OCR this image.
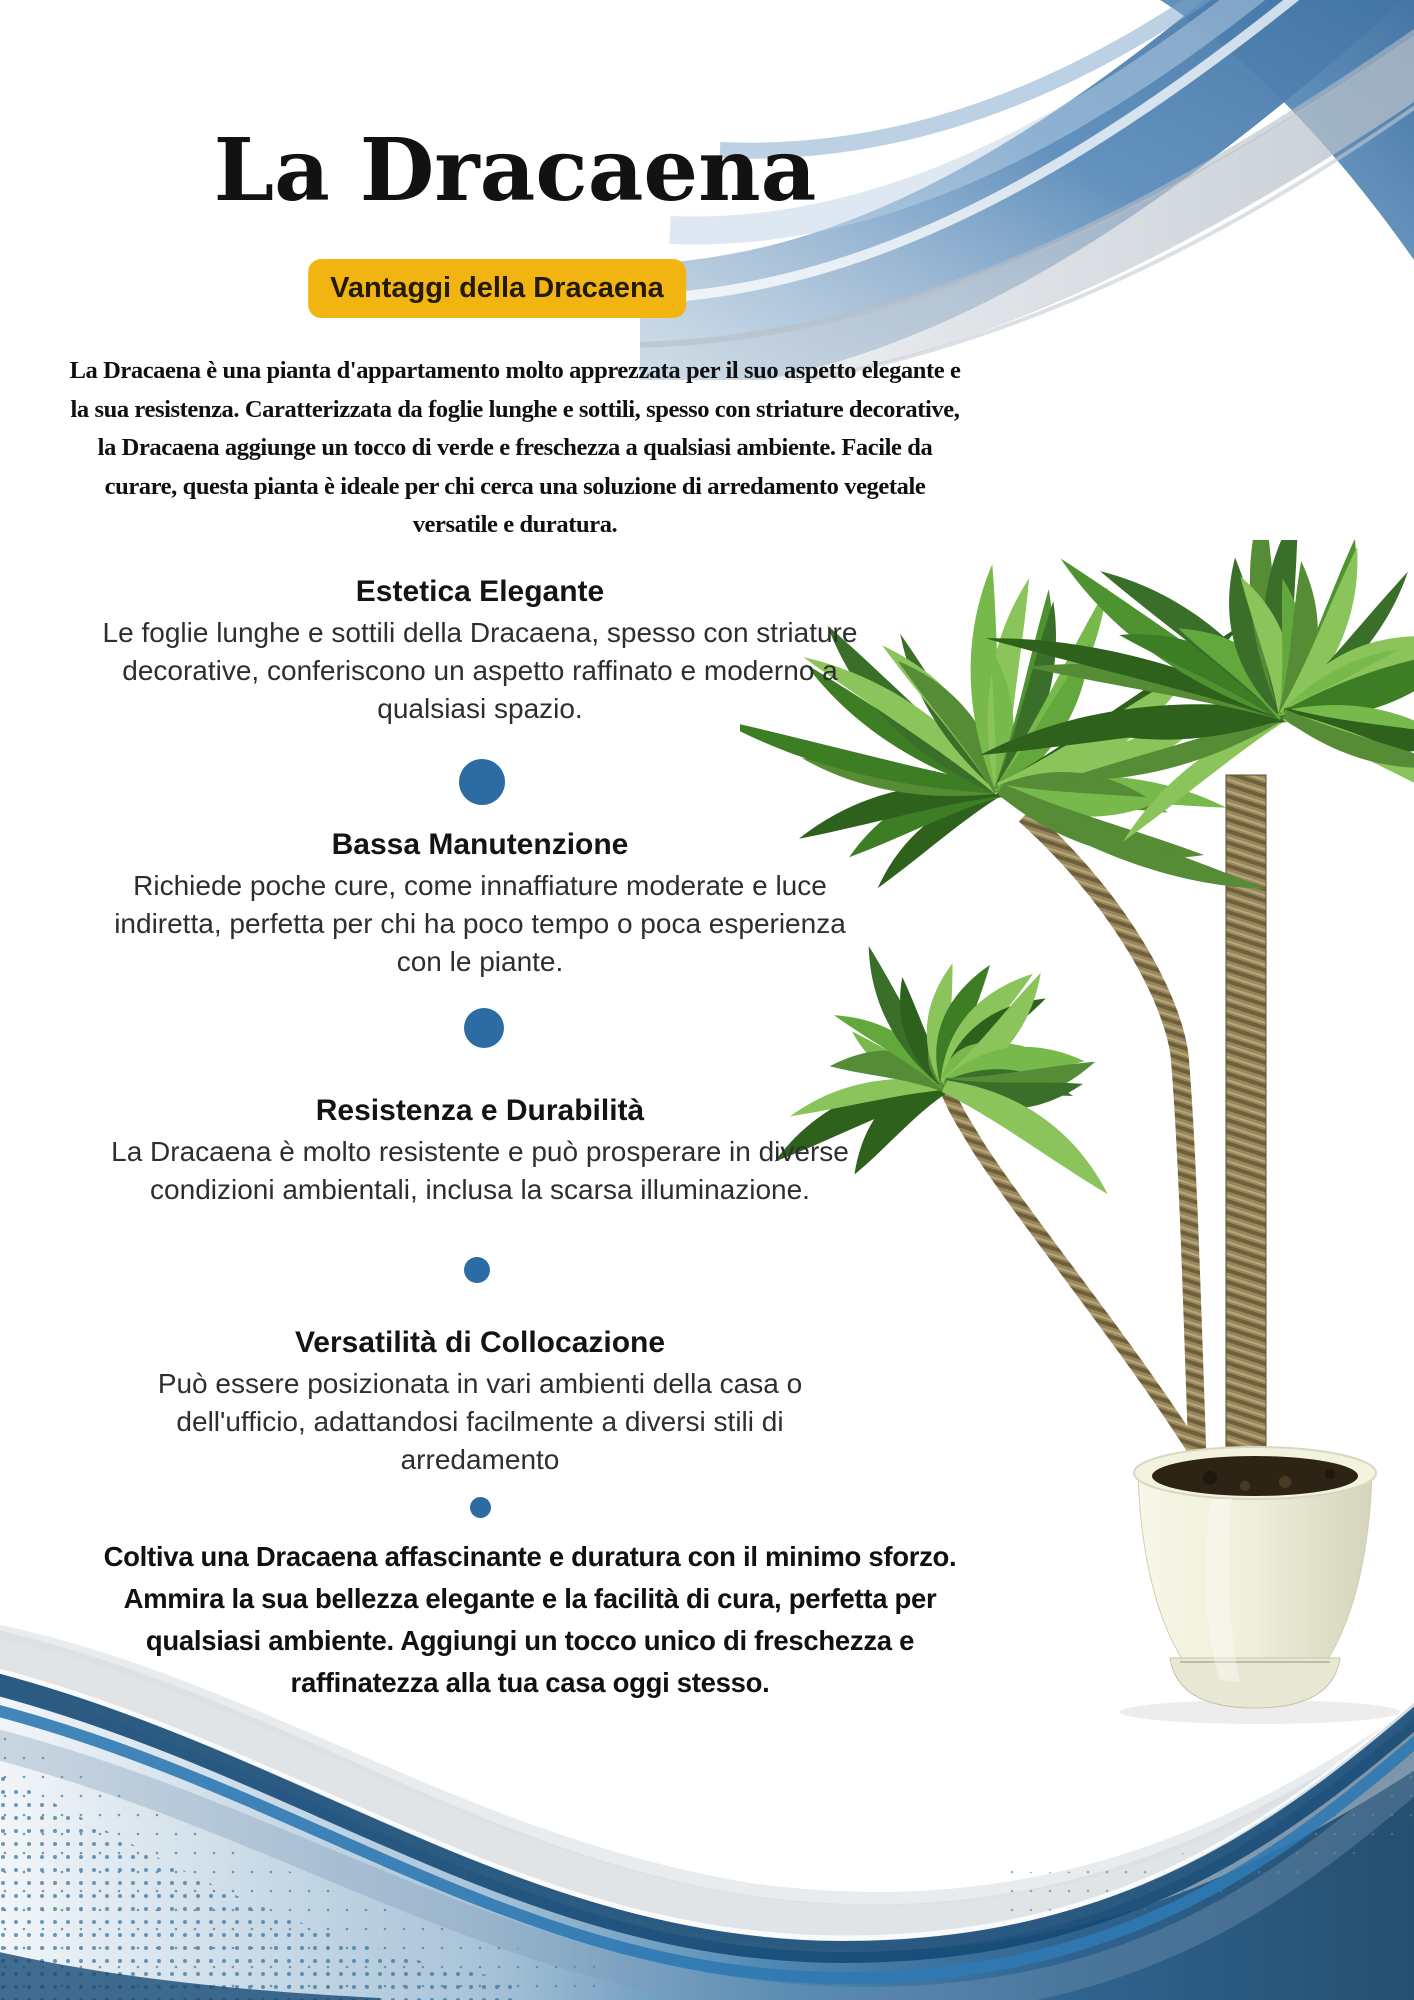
La Dracaena
Vantaggi della Dracaena
La Dracaena è una pianta d'appartamento molto apprezzata per il suo aspetto elegante e
la sua resistenza. Caratterizzata da foglie lunghe e sottili, spesso con striature decorative,
la Dracaena aggiunge un tocco di verde e freschezza a qualsiasi ambiente. Facile da
curare, questa pianta è ideale per chi cerca una soluzione di arredamento vegetale
versatile e duratura.
Estetica Elegante
Le foglie lunghe e sottili della Dracaena, spesso con striature
decorative, conferiscono un aspetto raffinato e moderno a
qualsiasi spazio.
Bassa Manutenzione
Richiede poche cure, come innaffiature moderate e luce
indiretta, perfetta per chi ha poco tempo o poca esperienza
con le piante.
Resistenza e Durabilità
La Dracaena è molto resistente e può prosperare in diverse
condizioni ambientali, inclusa la scarsa illuminazione.
Versatilità di Collocazione
Può essere posizionata in vari ambienti della casa o
dell'ufficio, adattandosi facilmente a diversi stili di
arredamento
Coltiva una Dracaena affascinante e duratura con il minimo sforzo.
Ammira la sua bellezza elegante e la facilità di cura, perfetta per
qualsiasi ambiente. Aggiungi un tocco unico di freschezza e
raffinatezza alla tua casa oggi stesso.
